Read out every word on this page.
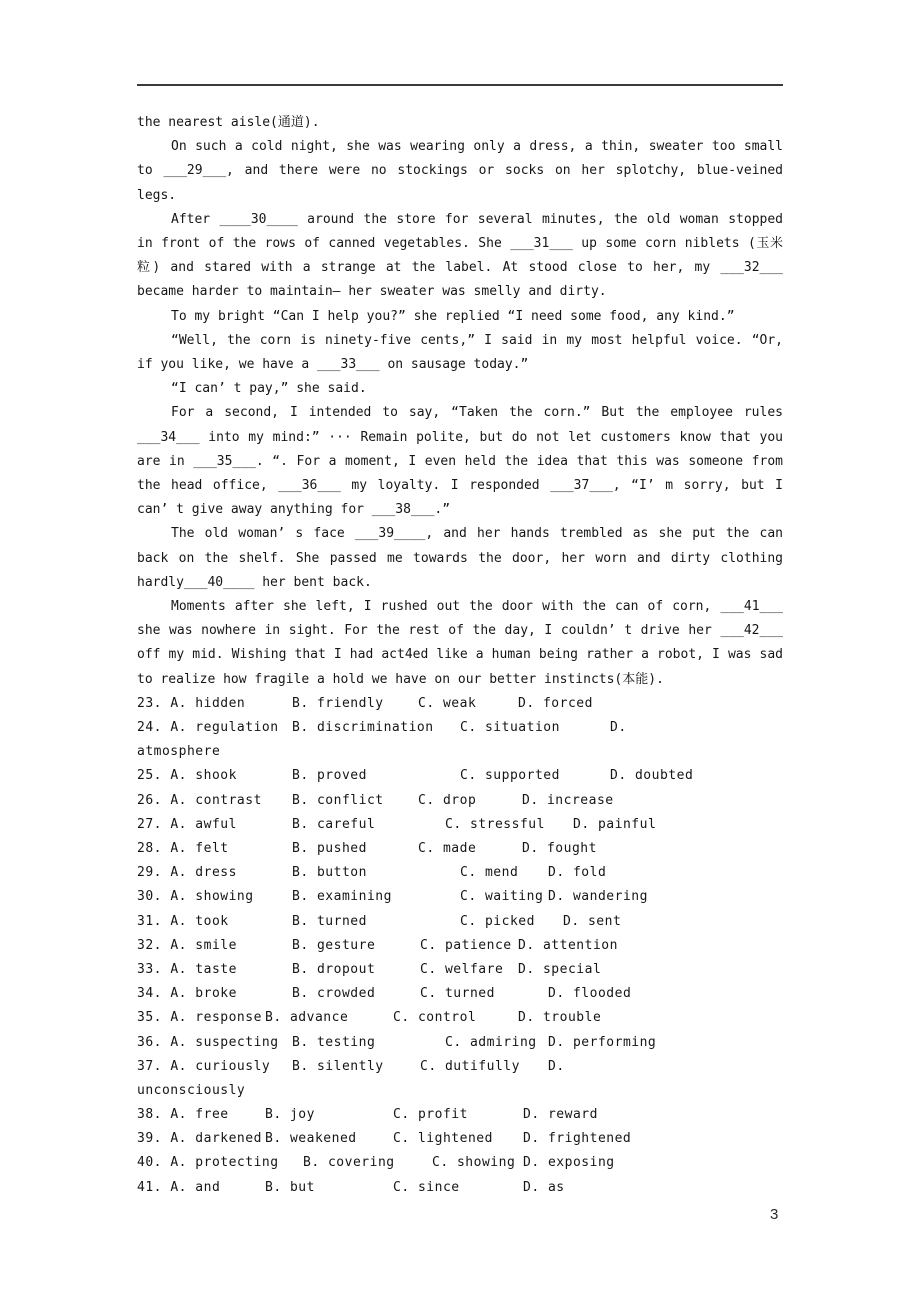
the nearest aisle(通道).

On such a cold night, she was wearing only a dress, a thin, sweater too small to ___29___, and there were no stockings or socks on her splotchy, blue-veined legs.

After ____30____ around the store for several minutes, the old woman stopped in front of the rows of canned vegetables. She ___31___ up some corn niblets (玉米粒) and stared with a strange at the label. At stood close to her, my ___32___ became harder to maintain— her sweater was smelly and dirty.

To my bright “Can I help you?” she replied “I need some food, any kind.”

“Well, the corn is ninety-five cents,” I said in my most helpful voice. “Or, if you like, we have a ___33___ on sausage today.”

“I can’ t pay,” she said.

For a second, I intended to say, “Taken the corn.” But the employee rules ___34___ into my mind:” ··· Remain polite, but do not let customers know that you are in ___35___. “. For a moment, I even held the idea that this was someone from the head office, ___36___ my loyalty. I responded ___37___, “I’ m sorry, but I can’ t give away anything for ___38___.”

The old woman’ s face ___39____, and her hands trembled as she put the can back on the shelf. She passed me towards the door, her worn and dirty clothing hardly___40____ her bent back.

Moments after she left, I rushed out the door with the can of corn, ___41___ she was nowhere in sight. For the rest of the day, I couldn’ t drive her ___42___ off my mid. Wishing that I had act4ed like a human being rather a robot, I was sad to realize how fragile a hold we have on our better instincts(本能).

23. A. hidden	B. friendly	C. weak	D. forced
24. A. regulation B. discrimination C. situation	D.
atmosphere
25. A. shook	B. proved	C. supported	D. doubted
26. A. contrast B. conflict	C. drop	D. increase
27. A. awful	B. careful	C. stressful D. painful
28. A. felt	B. pushed	C. made	D. fought
29. A. dress	B. button	C. mend D. fold
30. A. showing	B. examining	C. waiting D. wandering
31. A. took	B. turned	C. picked D. sent
32. A. smile	B. gesture	C. patience D. attention
33. A. taste	B. dropout	C. welfare D. special
34. A. broke	B. crowded	C. turned	D. flooded
35. A. response B. advance	C. control	D. trouble
36. A. suspecting B. testing	C. admiring D. performing
37. A. curiously B. silently	C. dutifully D.
unconsciously
38. A. free	B. joy	C. profit	D. reward
39. A. darkened B. weakened	C. lightened D. frightened
40. A. protecting B. covering	C. showing D. exposing
41. A. and	B. but	C. since	D. as
3
